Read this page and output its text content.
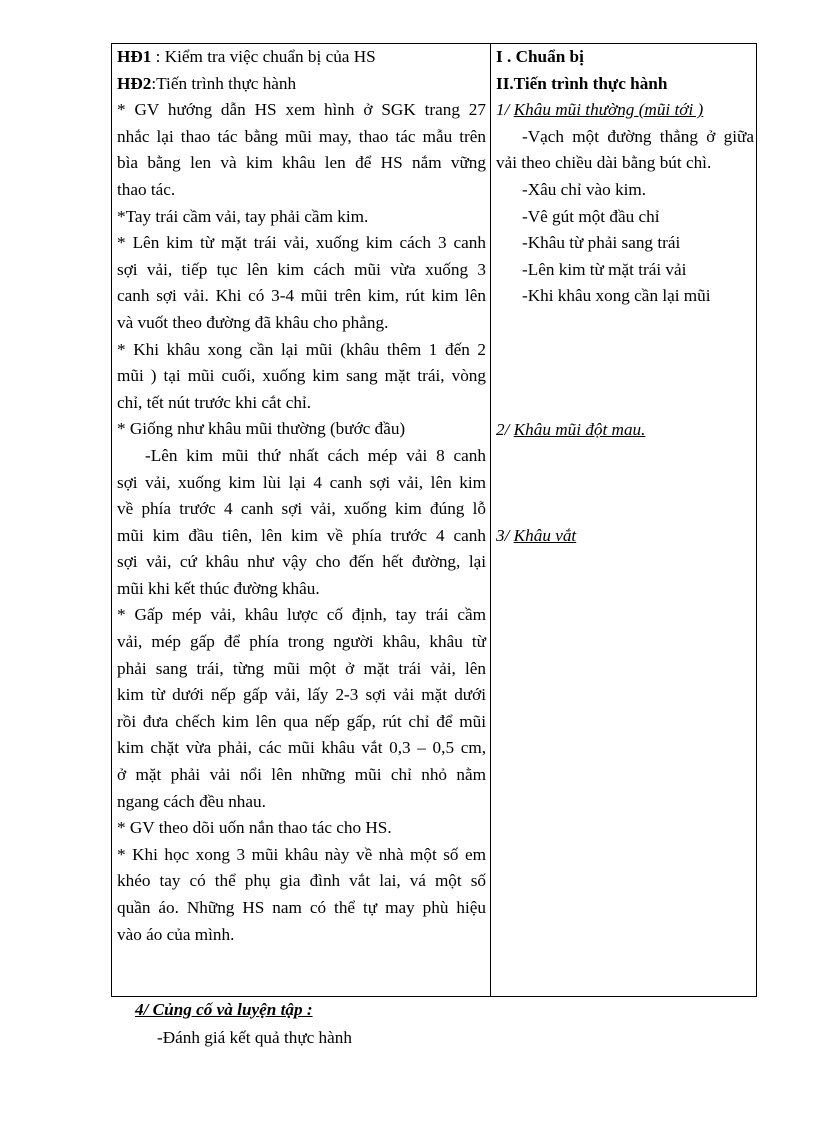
HĐ1 : Kiểm tra việc chuẩn bị của HS

HĐ2:Tiến trình thực hành

* GV hướng dẫn HS xem hình ở SGK trang 27

nhắc lại thao tác bằng mũi may, thao tác mẫu trên

bìa bằng len và kim khâu len để HS nắm vững

thao tác.

*Tay trái cầm vải, tay phải cầm kim.

* Lên kim từ mặt trái vải, xuống kim cách 3 canh

sợi vải, tiếp tục lên kim cách mũi vừa xuống 3

canh sợi vải. Khi có 3-4 mũi trên kim, rút kim lên

và vuốt theo đường đã khâu cho phẳng.

* Khi khâu xong cần lại mũi (khâu thêm 1 đến 2

mũi ) tại mũi cuối, xuống kim sang mặt trái, vòng

chỉ, tết nút trước khi cắt chỉ.

* Giống như khâu mũi thường (bước đầu)

-Lên kim mũi thứ nhất cách mép vải 8 canh

sợi vải, xuống kim lùi lại 4 canh sợi vải, lên kim

về phía trước 4 canh sợi vải, xuống kim đúng lỗ

mũi kim đầu tiên, lên kim về phía trước 4 canh

sợi vải, cứ khâu như vậy cho đến hết đường, lại

mũi khi kết thúc đường khâu.

* Gấp mép vải, khâu lược cố định, tay trái cầm

vải, mép gấp để phía trong người khâu, khâu từ

phải sang trái, từng mũi một ở mặt trái vải, lên

kim từ dưới nếp gấp vải, lấy 2-3 sợi vải mặt dưới

rồi đưa chếch kim lên qua nếp gấp, rút chỉ để mũi

kim chặt vừa phải, các mũi khâu vắt 0,3 – 0,5 cm,

ở mặt phải vải nổi lên những mũi chỉ nhỏ nằm

ngang cách đều nhau.

* GV theo dõi uốn nắn thao tác cho HS.

* Khi học xong 3 mũi khâu này về nhà một số em

khéo tay có thể phụ gia đình vắt lai, vá một số

quần áo. Những HS nam có thể tự may phù hiệu

vào áo của mình.

I . Chuẩn bị

II.Tiến trình thực hành

1/ Khâu mũi thường (mũi tới )

-Vạch một đường thẳng ở giữa

vải theo chiều dài bằng bút chì.

-Xâu chỉ vào kim.

-Vê gút một đầu chỉ

-Khâu từ phải sang trái

-Lên kim từ mặt trái vải

-Khi khâu xong cần lại mũi

2/ Khâu mũi đột mau.
3/ Khâu vắt
4/ Củng cố và luyện tập :
-Đánh giá kết quả thực hành
